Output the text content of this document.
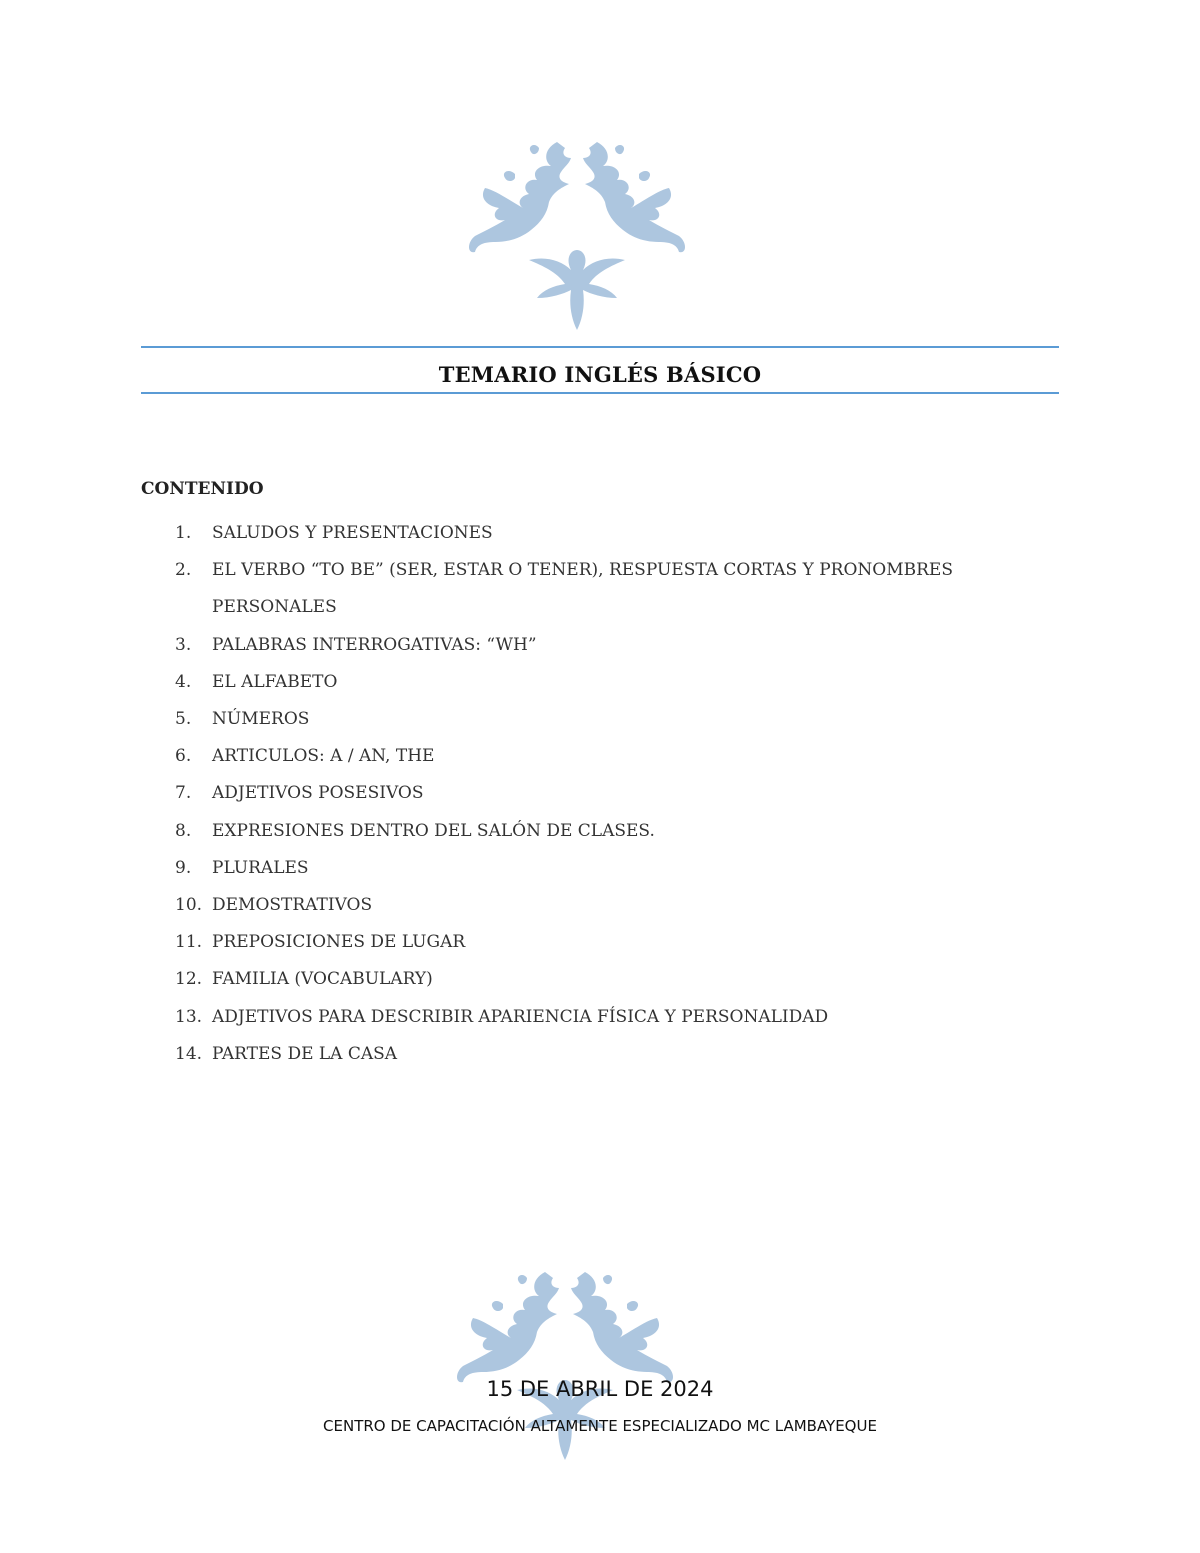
TEMARIO INGLÉS BÁSICO
CONTENIDO
1.	SALUDOS Y PRESENTACIONES
2.	EL VERBO “TO BE” (SER, ESTAR O TENER), RESPUESTA CORTAS Y PRONOMBRES PERSONALES
3.	PALABRAS INTERROGATIVAS: “WH”
4.	EL ALFABETO
5.	NÚMEROS
6.	ARTICULOS: A / AN, THE
7.	ADJETIVOS POSESIVOS
8.	EXPRESIONES DENTRO DEL SALÓN DE CLASES.
9.	PLURALES
10. DEMOSTRATIVOS
11. PREPOSICIONES DE LUGAR
12. FAMILIA (VOCABULARY)
13. ADJETIVOS PARA DESCRIBIR APARIENCIA FÍSICA Y PERSONALIDAD
14. PARTES DE LA CASA
15 DE ABRIL DE 2024
CENTRO DE CAPACITACIÓN ALTAMENTE ESPECIALIZADO MC LAMBAYEQUE
